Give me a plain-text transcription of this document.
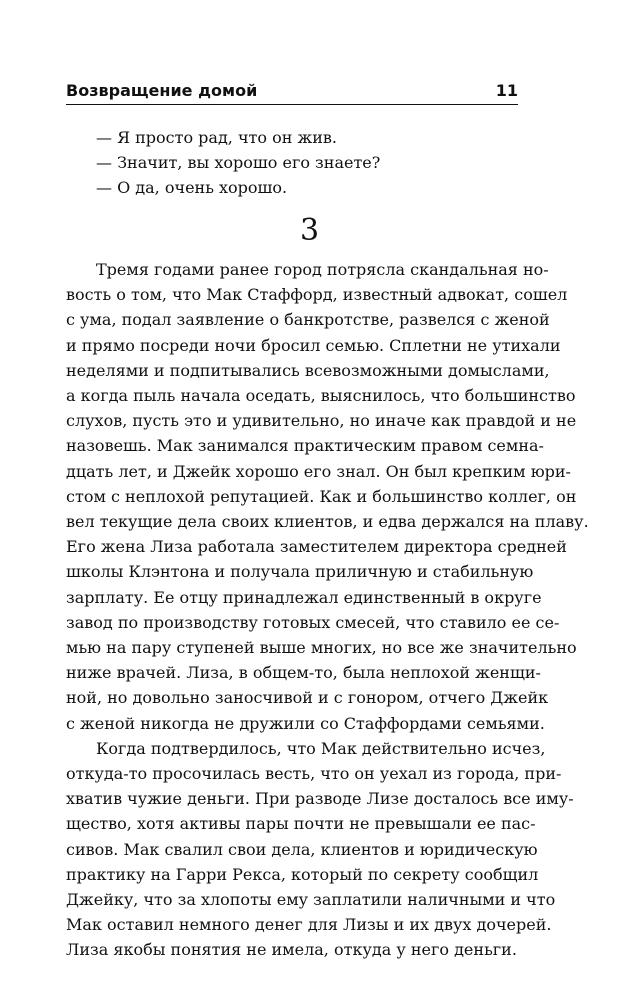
Возвращение домой	11
— Я просто рад, что он жив.
— Значит, вы хорошо его знаете?
— О да, очень хорошо.
3
Тремя годами ранее город потрясла скандальная но-
вость о том, что Мак Стаффорд, известный адвокат, сошел
с ума, подал заявление о банкротстве, развелся с женой
и прямо посреди ночи бросил семью. Сплетни не утихали
неделями и подпитывались всевозможными домыслами,
а когда пыль начала оседать, выяснилось, что большинство
слухов, пусть это и удивительно, но иначе как правдой и не
назовешь. Мак занимался практическим правом семна-
дцать лет, и Джейк хорошо его знал. Он был крепким юри-
стом с неплохой репутацией. Как и большинство коллег, он
вел текущие дела своих клиентов, и едва держался на плаву.
Его жена Лиза работала заместителем директора средней
школы Клэнтона и получала приличную и стабильную
зарплату. Ее отцу принадлежал единственный в округе
завод по производству готовых смесей, что ставило ее се-
мью на пару ступеней выше многих, но все же значительно
ниже врачей. Лиза, в общем-то, была неплохой женщи-
ной, но довольно заносчивой и с гонором, отчего Джейк
с женой никогда не дружили со Стаффордами семьями.
Когда подтвердилось, что Мак действительно исчез,
откуда-то просочилась весть, что он уехал из города, при-
хватив чужие деньги. При разводе Лизе досталось все иму-
щество, хотя активы пары почти не превышали ее пас-
сивов. Мак свалил свои дела, клиентов и юридическую
практику на Гарри Рекса, который по секрету сообщил
Джейку, что за хлопоты ему заплатили наличными и что
Мак оставил немного денег для Лизы и их двух дочерей.
Лиза якобы понятия не имела, откуда у него деньги.
